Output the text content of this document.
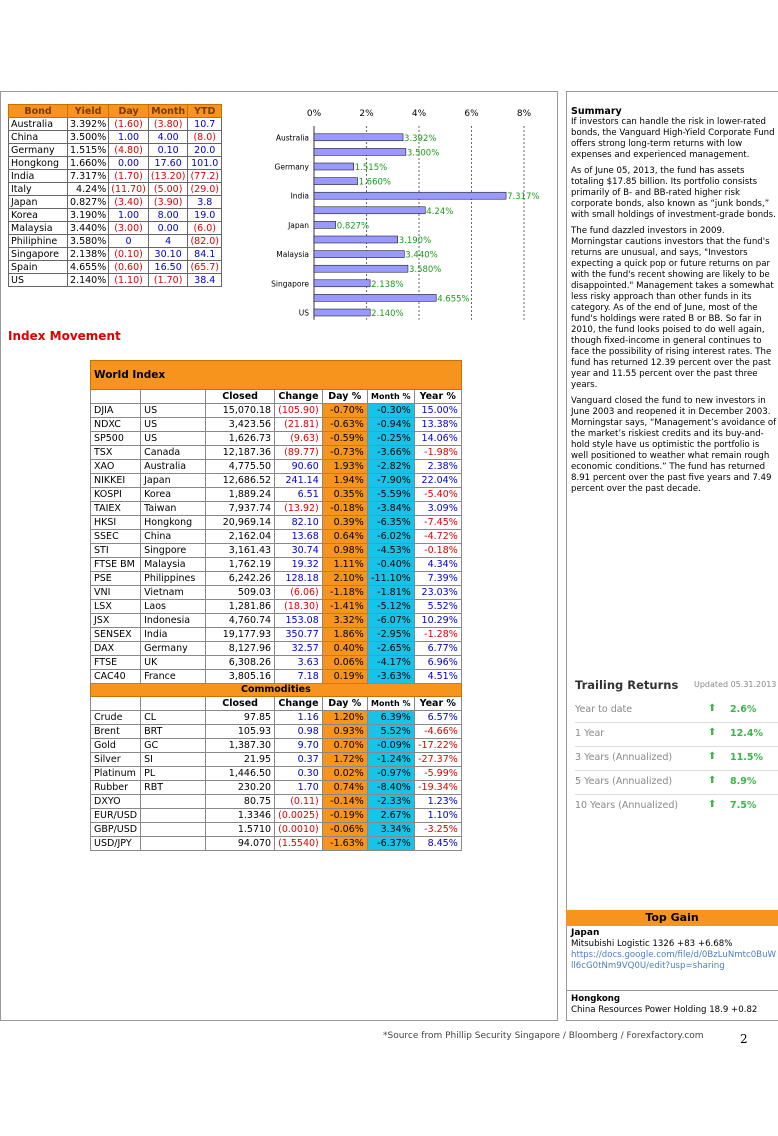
Bond	Yield	Day	Month	YTD
Australia	3.392%	(1.60)	(3.80)	10.7
China	3.500%	1.00	4.00	(8.0)
Germany	1.515%	(4.80)	0.10	20.0
Hongkong	1.660%	0.00	17.60	101.0
India	7.317%	(1.70)	(13.20)	(77.2)
Italy	4.24%	(11.70)	(5.00)	(29.0)
Japan	0.827%	(3.40)	(3.90)	3.8
Korea	3.190%	1.00	8.00	19.0
Malaysia	3.440%	(3.00)	0.00	(6.0)
Philiphine	3.580%	0	4	(82.0)
Singapore	2.138%	(0.10)	30.10	84.1
Spain	4.655%	(0.60)	16.50	(65.7)
US	2.140%	(1.10)	(1.70)	38.4
0%	2%	4%	6%	8%
3.392%
Australia
3.500%
1.515%
Germany
1.660%
7.317%
India
4.24%
0.827%
Japan
3.190%
3.440%
Malaysia
3.580%
2.138%
Singapore
4.655%
2.140%
US
Index Movement
World Index						
		Closed	Change	Day %	Month %	Year %
DJIA	US	15,070.18	(105.90)	-0.70%	-0.30%	15.00%
NDXC	US	3,423.56	(21.81)	-0.63%	-0.94%	13.38%
SP500	US	1,626.73	(9.63)	-0.59%	-0.25%	14.06%
TSX	Canada	12,187.36	(89.77)	-0.73%	-3.66%	-1.98%
XAO	Australia	4,775.50	90.60	1.93%	-2.82%	2.38%
NIKKEI	Japan	12,686.52	241.14	1.94%	-7.90%	22.04%
KOSPI	Korea	1,889.24	6.51	0.35%	-5.59%	-5.40%
TAIEX	Taiwan	7,937.74	(13.92)	-0.18%	-3.84%	3.09%
HKSI	Hongkong	20,969.14	82.10	0.39%	-6.35%	-7.45%
SSEC	China	2,162.04	13.68	0.64%	-6.02%	-4.72%
STI	Singpore	3,161.43	30.74	0.98%	-4.53%	-0.18%
FTSE BM	Malaysia	1,762.19	19.32	1.11%	-0.40%	4.34%
PSE	Philippines	6,242.26	128.18	2.10%	-11.10%	7.39%
VNI	Vietnam	509.03	(6.06)	-1.18%	-1.81%	23.03%
LSX	Laos	1,281.86	(18.30)	-1.41%	-5.12%	5.52%
JSX	Indonesia	4,760.74	153.08	3.32%	-6.07%	10.29%
SENSEX	India	19,177.93	350.77	1.86%	-2.95%	-1.28%
DAX	Germany	8,127.96	32.57	0.40%	-2.65%	6.77%
FTSE	UK	6,308.26	3.63	0.06%	-4.17%	6.96%
CAC40	France	3,805.16	7.18	0.19%	-3.63%	4.51%
Commodities						
		Closed	Change	Day %	Month %	Year %
Crude	CL	97.85	1.16	1.20%	6.39%	6.57%
Brent	BRT	105.93	0.98	0.93%	5.52%	-4.66%
Gold	GC	1,387.30	9.70	0.70%	-0.09%	-17.22%
Silver	SI	21.95	0.37	1.72%	-1.24%	-27.37%
Platinum	PL	1,446.50	0.30	0.02%	-0.97%	-5.99%
Rubber	RBT	230.20	1.70	0.74%	-8.40%	-19.34%
DXYO		80.75	(0.11)	-0.14%	-2.33%	1.23%
EUR/USD		1.3346	(0.0025)	-0.19%	2.67%	1.10%
GBP/USD		1.5710	(0.0010)	-0.06%	3.34%	-3.25%
USD/JPY		94.070	(1.5540)	-1.63%	-6.37%	8.45%
Summary

If investors can handle the risk in lower-rated bonds, the Vanguard High-Yield Corporate Fund offers strong long-term returns with low expenses and experienced management.

As of June 05, 2013, the fund has assets totaling $17.85 billion. Its portfolio consists primarily of B- and BB-rated higher risk corporate bonds, also known as “junk bonds,” with small holdings of investment-grade bonds.

The fund dazzled investors in 2009. Morningstar cautions investors that the fund's returns are unusual, and says, "Investors expecting a quick pop or future returns on par with the fund's recent showing are likely to be disappointed." Management takes a somewhat less risky approach than other funds in its category. As of the end of June, most of the fund's holdings were rated B or BB. So far in 2010, the fund looks poised to do well again, though fixed-income in general continues to face the possibility of rising interest rates. The fund has returned 12.39 percent over the past year and 11.55 percent over the past three years.

Vanguard closed the fund to new investors in June 2003 and reopened it in December 2003. Morningstar says, “Management’s avoidance of the market’s riskiest credits and its buy-and-hold style have us optimistic the portfolio is well positioned to weather what remain rough economic conditions.” The fund has returned 8.91 percent over the past five years and 7.49 percent over the past decade.

Trailing Returns Updated 05.31.2013
Year to date	⬆ 2.6%
1 Year	⬆ 12.4%
3 Years (Annualized)	⬆ 11.5%
5 Years (Annualized)	⬆ 8.9%
10 Years (Annualized)	⬆ 7.5%
Top Gain
Japan
Mitsubishi Logistic 1326 +83 +6.68%

https://docs.google.com/file/d/0BzLuNmtc0BuWll6cG0tNm9VQ0U/edit?usp=sharing
Hongkong
China Resources Power Holding 18.9 +0.82
*Source from Phillip Security Singapore / Bloomberg / Forexfactory.com	2
